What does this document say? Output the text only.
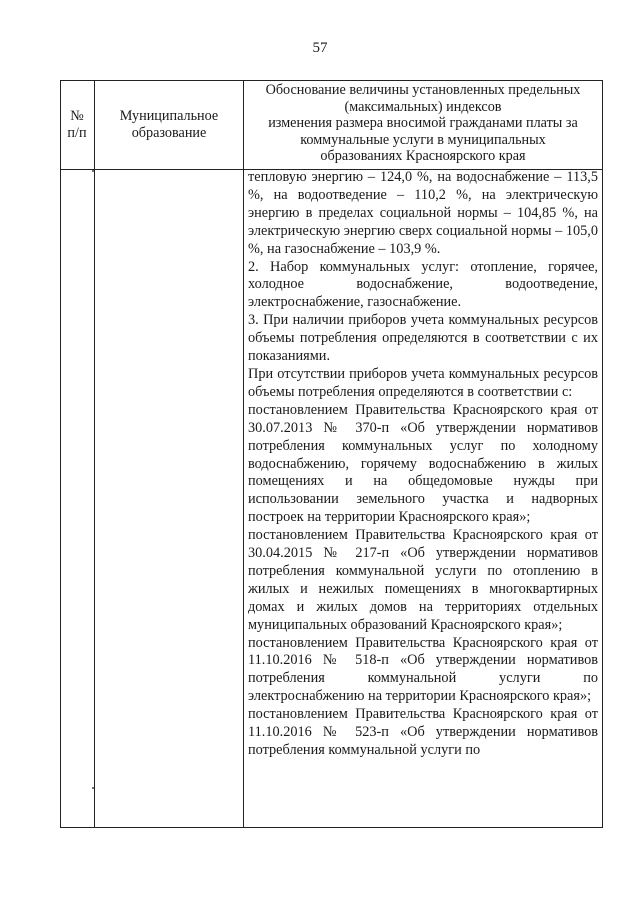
57
№
п/п
Муниципальное
образование
Обоснование величины установленных предельных
(максимальных) индексов
изменения размера вносимой гражданами платы за
коммунальные услуги в муниципальных
образованиях Красноярского края

тепловую энергию – 124,0 %, на водоснабжение – 113,5 %, на водоотведение – 110,2 %, на электрическую энергию в пределах социальной нормы – 104,85 %, на электрическую энергию сверх социальной нормы – 105,0 %, на газоснабжение – 103,9 %.

2. Набор коммунальных услуг: отопление, горячее, холодное водоснабжение, водоотведение, электроснабжение, газоснабжение.

3. При наличии приборов учета коммунальных ресурсов объемы потребления определяются в соответствии с их показаниями.

При отсутствии приборов учета коммунальных ресурсов объемы потребления определяются в соответствии с:

постановлением Правительства Красноярского края от 30.07.2013 № 370-п «Об утверждении нормативов потребления коммунальных услуг по холодному водоснабжению, горячему водоснабжению в жилых помещениях и на общедомовые нужды при использовании земельного участка и надворных построек на территории Красноярского края»;

постановлением Правительства Красноярского края от 30.04.2015 № 217-п «Об утверждении нормативов потребления коммунальной услуги по отоплению в жилых и нежилых помещениях в многоквартирных домах и жилых домов на территориях отдельных муниципальных образований Красноярского края»;

постановлением Правительства Красноярского края от 11.10.2016 № 518-п «Об утверждении нормативов потребления коммунальной услуги по электроснабжению на территории Красноярского края»;

постановлением Правительства Красноярского края от 11.10.2016 № 523-п «Об утверждении нормативов потребления коммунальной услуги по
